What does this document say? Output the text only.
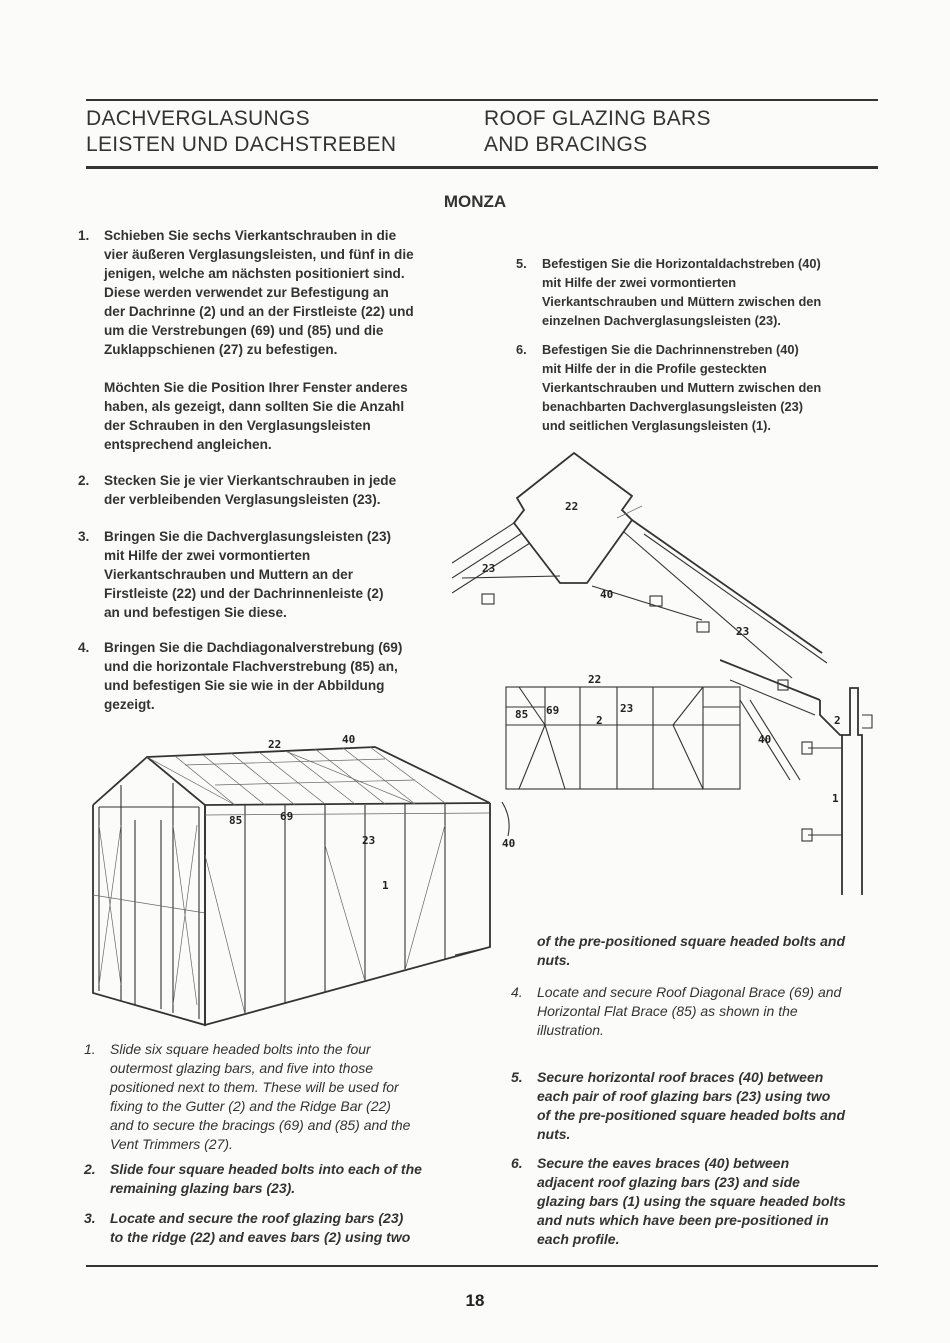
DACHVERGLASUNGS
LEISTEN UND DACHSTREBEN
ROOF GLAZING BARS
AND BRACINGS
MONZA
1. Schieben Sie sechs Vierkantschrauben in die
vier äußeren Verglasungsleisten, und fünf in die
jenigen, welche am nächsten positioniert sind.
Diese werden verwendet zur Befestigung an
der Dachrinne (2) und an der Firstleiste (22) und
um die Verstrebungen (69) und (85) und die
Zuklappschienen (27) zu befestigen.
Möchten Sie die Position Ihrer Fenster anderes
haben, als gezeigt, dann sollten Sie die Anzahl
der Schrauben in den Verglasungsleisten
entsprechend angleichen.
2. Stecken Sie je vier Vierkantschrauben in jede
der verbleibenden Verglasungsleisten (23).
3. Bringen Sie die Dachverglasungsleisten (23)
mit Hilfe der zwei vormontierten
Vierkantschrauben und Muttern an der
Firstleiste (22) und der Dachrinnenleiste (2)
an und befestigen Sie diese.
4. Bringen Sie die Dachdiagonalverstrebung (69)
und die horizontale Flachverstrebung (85) an,
und befestigen Sie sie wie in der Abbildung
gezeigt.
5. Befestigen Sie die Horizontaldachstreben (40)
mit Hilfe der zwei vormontierten
Vierkantschrauben und Müttern zwischen den
einzelnen Dachverglasungsleisten (23).
6. Befestigen Sie die Dachrinnenstreben (40)
mit Hilfe der in die Profile gesteckten
Vierkantschrauben und Muttern zwischen den
benachbarten Dachverglasungsleisten (23)
und seitlichen Verglasungsleisten (1).
1. Slide six square headed bolts into the four
outermost glazing bars, and five into those
positioned next to them. These will be used for
fixing to the Gutter (2) and the Ridge Bar (22)
and to secure the bracings (69) and (85) and the
Vent Trimmers (27).
2. Slide four square headed bolts into each of the
remaining glazing bars (23).
3. Locate and secure the roof glazing bars (23)
to the ridge (22) and eaves bars (2) using two
of the pre-positioned square headed bolts and
nuts.
4. Locate and secure Roof Diagonal Brace (69) and
Horizontal Flat Brace (85) as shown in the
illustration.
5. Secure horizontal roof braces (40) between
each pair of roof glazing bars (23) using two
of the pre-positioned square headed bolts and
nuts.
6. Secure the eaves braces (40) between
adjacent roof glazing bars (23) and side
glazing bars (1) using the square headed bolts
and nuts which have been pre-positioned in
each profile.
22	40
85	69
23
1
22
23
40
23
22
85 69
2
23
40
40
2
1
18
